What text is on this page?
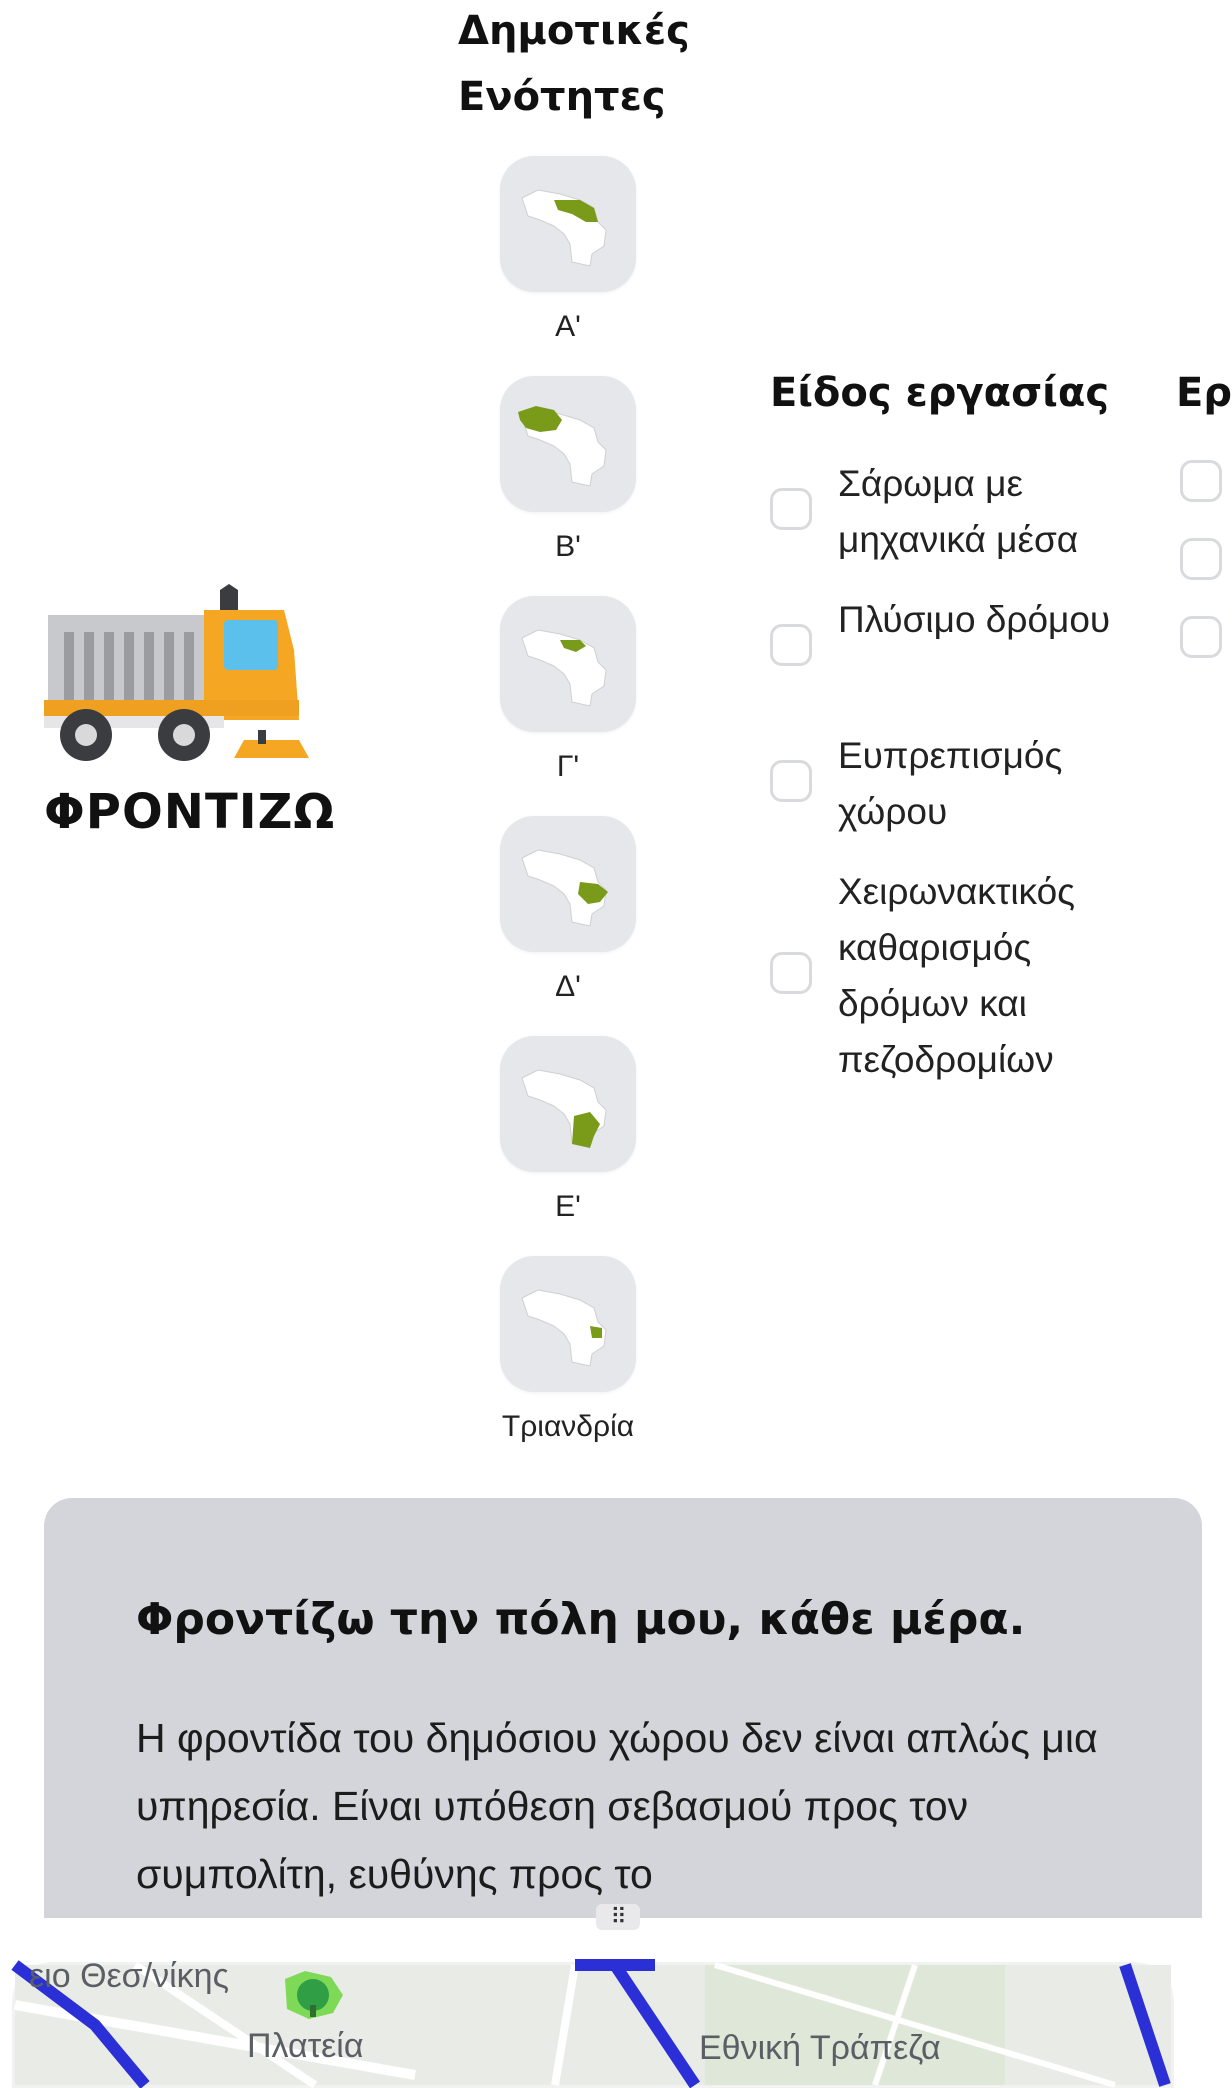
ΦΡΟΝΤΙΖΩ
Δημοτικές
Ενότητες
Α'
Β'
Γ'
Δ'
Ε'
Τριανδρία
Είδος εργασίας
Σάρωμα με μηχανικά μέσα
Πλύσιμο δρόμου
Ευπρεπισμός χώρου
Χειρωνακτικός καθαρισμός δρόμων και πεζοδρομίων
Ερ
Φροντίζω την πόλη μου, κάθε μέρα.
Η φροντίδα του δημόσιου χώρου δεν είναι απλώς μια υπηρεσία. Είναι υπόθεση σεβασμού προς τον συμπολίτη, ευθύνης προς το
⠿
ειο Θεσ/νίκης
Πλατεία	Εθνική Τράπεζα
